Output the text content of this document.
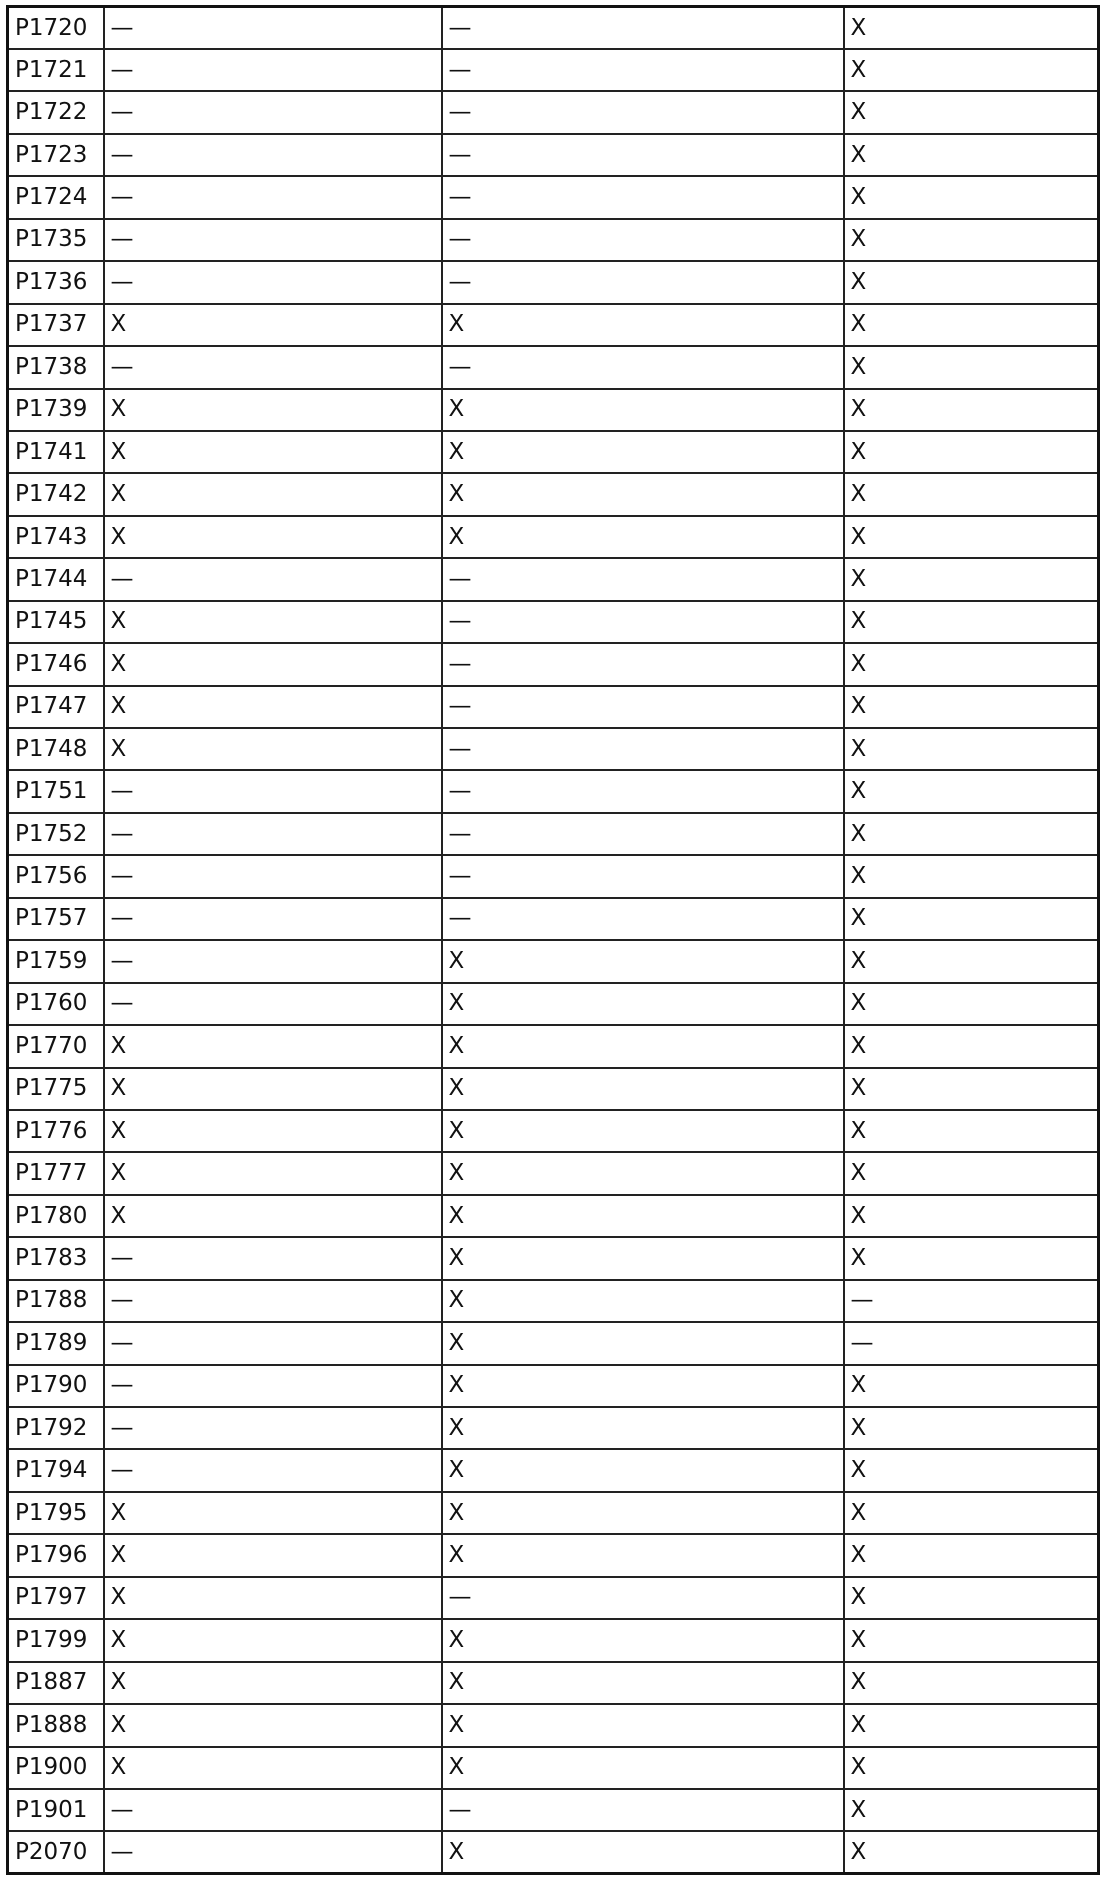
P1720	—	—	X
P1721	—	—	X
P1722	—	—	X
P1723	—	—	X
P1724	—	—	X
P1735	—	—	X
P1736	—	—	X
P1737	X	X	X
P1738	—	—	X
P1739	X	X	X
P1741	X	X	X
P1742	X	X	X
P1743	X	X	X
P1744	—	—	X
P1745	X	—	X
P1746	X	—	X
P1747	X	—	X
P1748	X	—	X
P1751	—	—	X
P1752	—	—	X
P1756	—	—	X
P1757	—	—	X
P1759	—	X	X
P1760	—	X	X
P1770	X	X	X
P1775	X	X	X
P1776	X	X	X
P1777	X	X	X
P1780	X	X	X
P1783	—	X	X
P1788	—	X	—
P1789	—	X	—
P1790	—	X	X
P1792	—	X	X
P1794	—	X	X
P1795	X	X	X
P1796	X	X	X
P1797	X	—	X
P1799	X	X	X
P1887	X	X	X
P1888	X	X	X
P1900	X	X	X
P1901	—	—	X
P2070	—	X	X
